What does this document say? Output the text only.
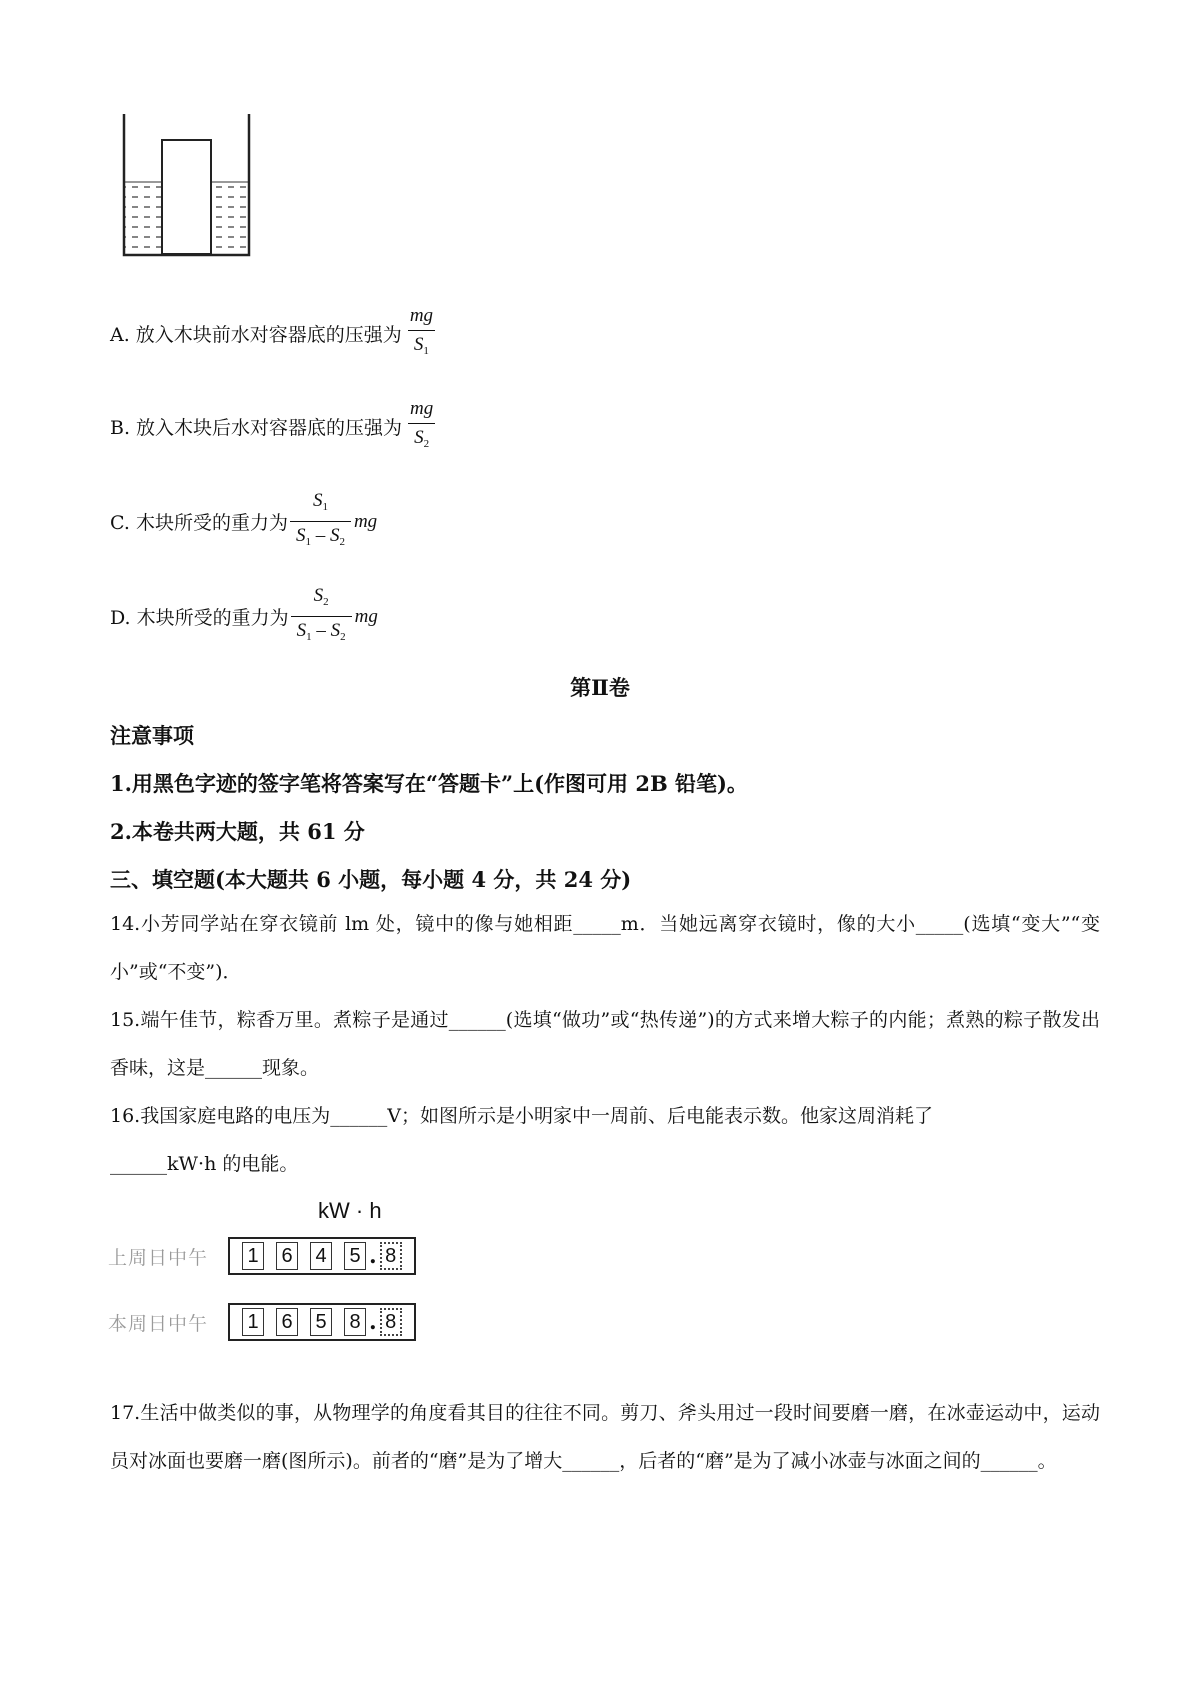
A. 放入木块前水对容器底的压强为 $\frac{mg}{S_1}$
B. 放入木块后水对容器底的压强为 $\frac{mg}{S_2}$
C. 木块所受的重力为 $\frac{S_1}{S_1 - S_2}$ mg
D. 木块所受的重力为 $\frac{S_2}{S_1 - S_2}$ mg
第Ⅱ卷
注意事项
1.用黑色字迹的签字笔将答案写在“答题卡”上(作图可用 2B 铅笔)。
2.本卷共两大题，共 61 分
三、填空题(本大题共 6 小题，每小题 4 分，共 24 分)
14.小芳同学站在穿衣镜前 lm 处，镜中的像与她相距_____m．当她远离穿衣镜时，像的大小_____(选填“变大”“变小”或“不变”)．
15.端午佳节，粽香万里。煮粽子是通过______(选填“做功”或“热传递”)的方式来增大粽子的内能；煮熟的粽子散发出香味，这是______现象。
16.我国家庭电路的电压为______V；如图所示是小明家中一周前、后电能表示数。他家这周消耗了
______kW·h 的电能。
kW · h
上周日中午	1 6 4 5 . 8
本周日中午	1 6 5 8 . 8
17.生活中做类似的事，从物理学的角度看其目的往往不同。剪刀、斧头用过一段时间要磨一磨，在冰壶运动中，运动员对冰面也要磨一磨(图所示)。前者的“磨”是为了增大______，后者的“磨”是为了减小冰壶与冰面之间的______。
